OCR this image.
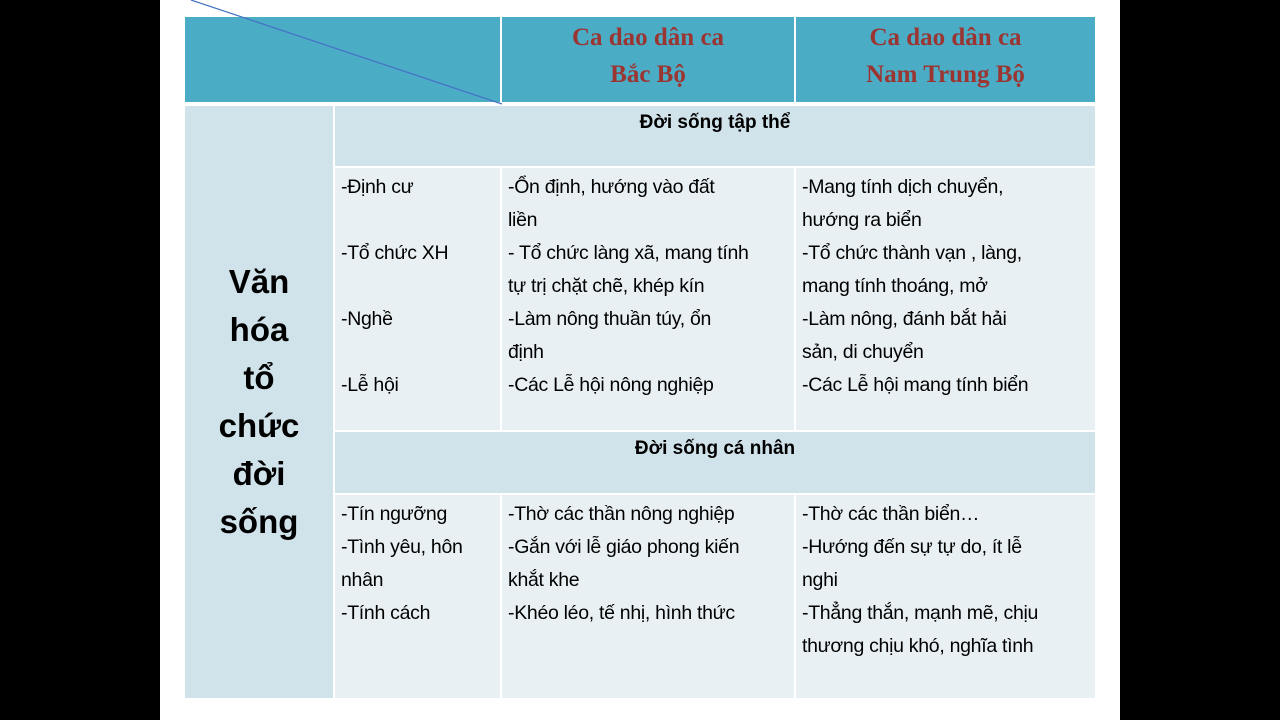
Ca dao dân ca
Bắc Bộ
Ca dao dân ca
Nam Trung Bộ
Văn
hóa
tổ
chức
đời
sống
Đời sống tập thể
-Định cư

-Tổ chức XH

-Nghề

-Lễ hội
-Ổn định, hướng vào đất
liền
- Tổ chức làng xã, mang tính
tự trị chặt chẽ, khép kín
-Làm nông thuần túy, ổn
định
-Các Lễ hội nông nghiệp
-Mang tính dịch chuyển,
hướng ra biển
-Tổ chức thành vạn , làng,
mang tính thoáng, mở
-Làm nông, đánh bắt hải
sản, di chuyển
-Các Lễ hội mang tính biển
Đời sống cá nhân
-Tín ngưỡng
-Tình yêu, hôn
nhân
-Tính cách
-Thờ các thần nông nghiệp
-Gắn với lễ giáo phong kiến
khắt khe
-Khéo léo, tế nhị, hình thức
-Thờ các thần biển…
-Hướng đến sự tự do, ít lễ
nghi
-Thẳng thắn, mạnh mẽ, chịu
thương chịu khó, nghĩa tình
